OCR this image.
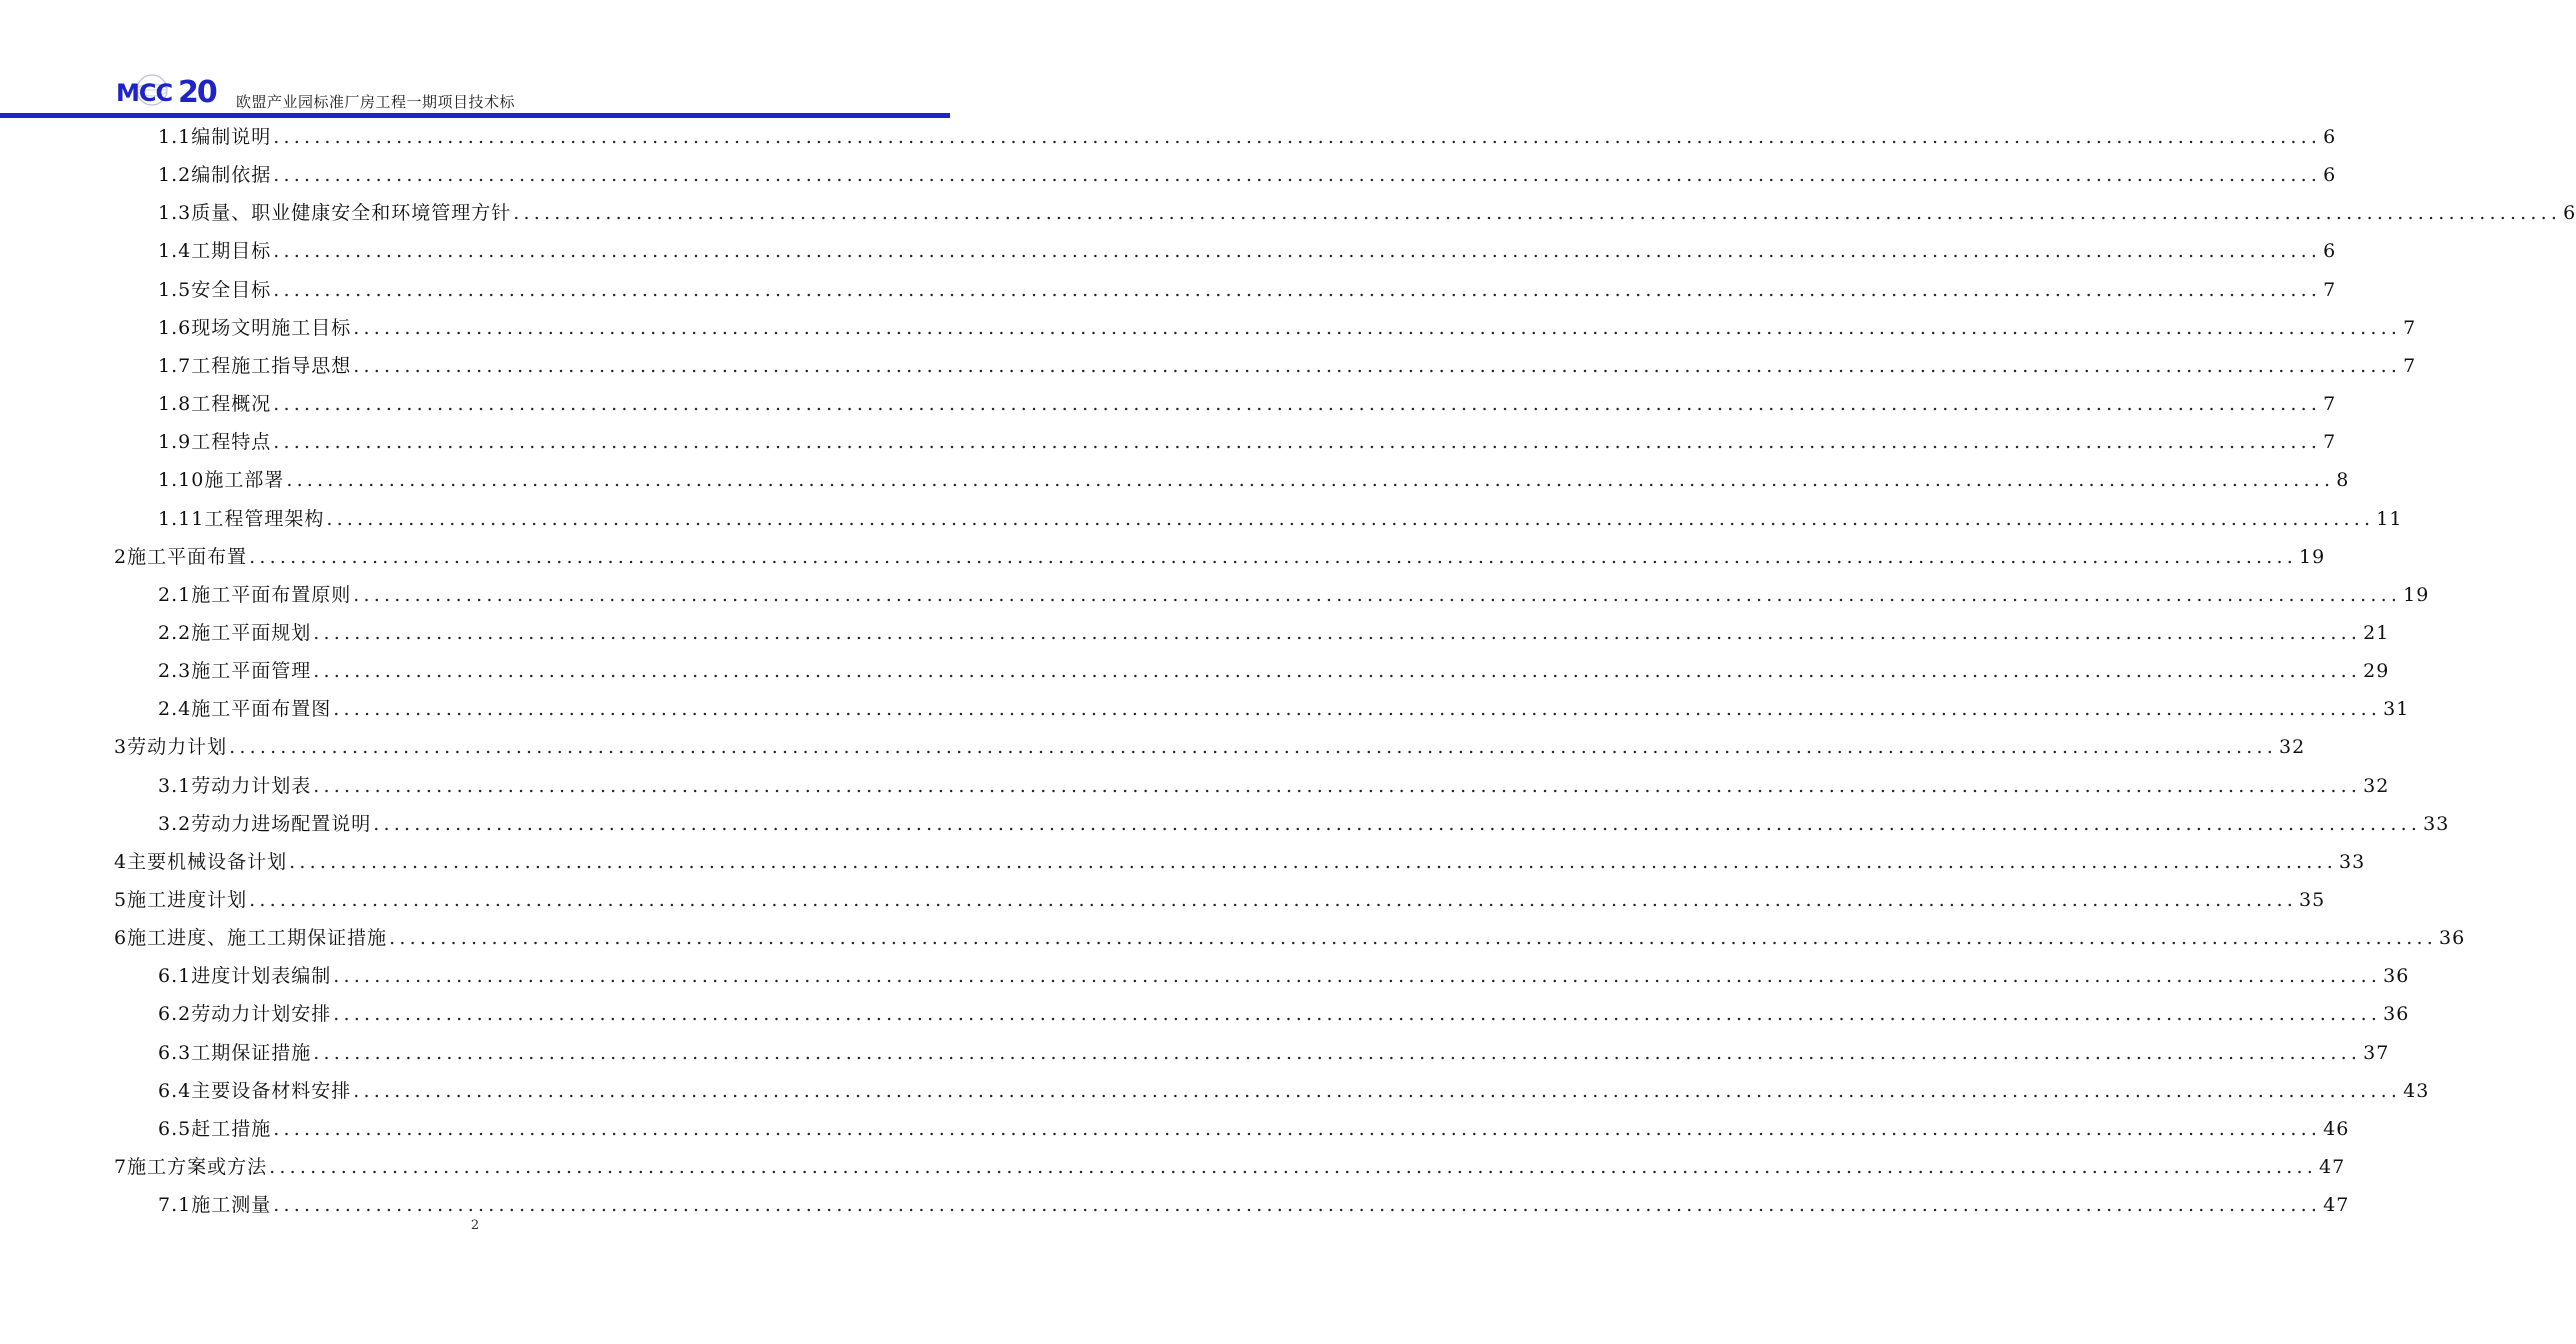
MCC 20 欧盟产业园标准厂房工程一期项目技术标
1.1 编制说明 ........................................................................................................................................................................................................ 6
1.2 编制依据 ........................................................................................................................................................................................................ 6
1.3 质量、职业健康安全和环境管理方针 ........................................................................................................................................................................................................ 6
1.4 工期目标 ........................................................................................................................................................................................................ 6
1.5 安全目标 ........................................................................................................................................................................................................ 7
1.6 现场文明施工目标 ........................................................................................................................................................................................................ 7
1.7 工程施工指导思想 ........................................................................................................................................................................................................ 7
1.8 工程概况 ........................................................................................................................................................................................................ 7
1.9 工程特点 ........................................................................................................................................................................................................ 7
1.10 施工部署 ........................................................................................................................................................................................................ 8
1.11 工程管理架构 ........................................................................................................................................................................................................ 11
2 施工平面布置 ........................................................................................................................................................................................................ 19
2.1 施工平面布置原则 ........................................................................................................................................................................................................ 19
2.2 施工平面规划 ........................................................................................................................................................................................................ 21
2.3 施工平面管理 ........................................................................................................................................................................................................ 29
2.4 施工平面布置图 ........................................................................................................................................................................................................ 31
3 劳动力计划 ........................................................................................................................................................................................................ 32
3.1 劳动力计划表 ........................................................................................................................................................................................................ 32
3.2 劳动力进场配置说明 ........................................................................................................................................................................................................ 33
4 主要机械设备计划 ........................................................................................................................................................................................................ 33
5 施工进度计划 ........................................................................................................................................................................................................ 35
6 施工进度、施工工期保证措施 ........................................................................................................................................................................................................ 36
6.1 进度计划表编制 ........................................................................................................................................................................................................ 36
6.2 劳动力计划安排 ........................................................................................................................................................................................................ 36
6.3 工期保证措施 ........................................................................................................................................................................................................ 37
6.4 主要设备材料安排 ........................................................................................................................................................................................................ 43
6.5 赶工措施 ........................................................................................................................................................................................................ 46
7 施工方案或方法 ........................................................................................................................................................................................................ 47
7.1 施工测量 ........................................................................................................................................................................................................ 47
2
